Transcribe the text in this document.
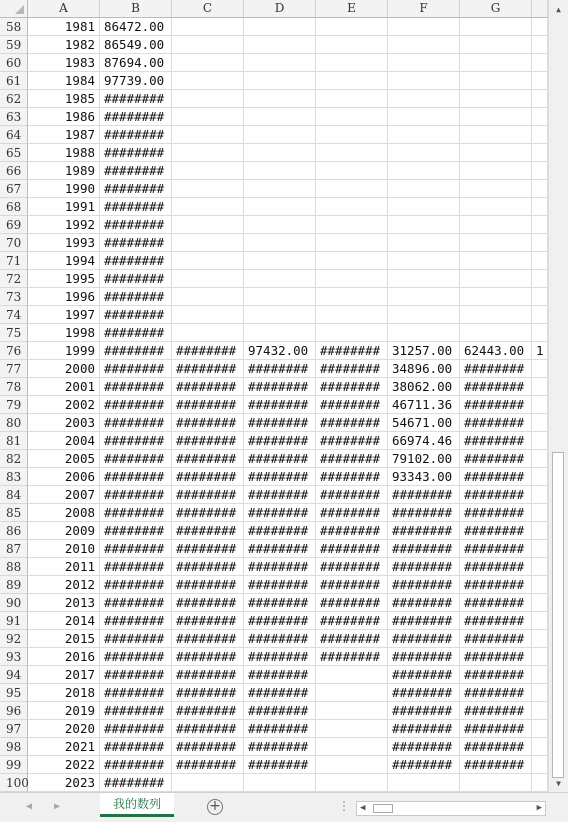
A	B	C	D	E	F	G
58	1981 86472.00
59	1982 86549.00
60	1983 87694.00
61	1984 97739.00
62	1985 ########
63	1986 ########
64	1987 ########
65	1988 ########
66	1989 ########
67	1990 ########
68	1991 ########
69	1992 ########
70	1993 ########
71	1994 ########
72	1995 ########
73	1996 ########
74	1997 ########
75	1998 ########
76	1999 ######## ######## 97432.00 ######## 31257.00 62443.00 1
77	2000 ######## ######## ######## ######## 34896.00 ########
78	2001 ######## ######## ######## ######## 38062.00 ########
79	2002 ######## ######## ######## ######## 46711.36 ########
80	2003 ######## ######## ######## ######## 54671.00 ########
81	2004 ######## ######## ######## ######## 66974.46 ########
82	2005 ######## ######## ######## ######## 79102.00 ########
83	2006 ######## ######## ######## ######## 93343.00 ########
84	2007 ######## ######## ######## ######## ######## ########
85	2008 ######## ######## ######## ######## ######## ########
86	2009 ######## ######## ######## ######## ######## ########
87	2010 ######## ######## ######## ######## ######## ########
88	2011 ######## ######## ######## ######## ######## ########
89	2012 ######## ######## ######## ######## ######## ########
90	2013 ######## ######## ######## ######## ######## ########
91	2014 ######## ######## ######## ######## ######## ########
92	2015 ######## ######## ######## ######## ######## ########
93	2016 ######## ######## ######## ######## ######## ########
94	2017 ######## ######## ########	######## ########
95	2018 ######## ######## ########	######## ########
96	2019 ######## ######## ########	######## ########
97	2020 ######## ######## ########	######## ########
98	2021 ######## ######## ########	######## ########
99	2022 ######## ######## ########	######## ########
100	2023 ########
▲
▼
◀ ▶	我的数列	+	⋮ ◀	▶
